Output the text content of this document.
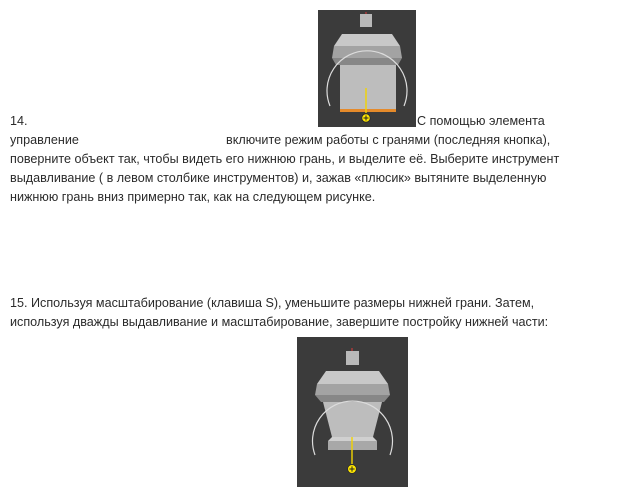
14.	С помощью элемента
управление	включите режим работы с гранями (последняя кнопка),
поверните объект так, чтобы видеть его нижнюю грань, и выделите её. Выберите инструмент
выдавливание ( в левом столбике инструментов) и, зажав «плюсик» вытяните выделенную
нижнюю грань вниз примерно так, как на следующем рисунке.
15. Используя масштабирование (клавиша S), уменьшите размеры нижней грани. Затем,
используя дважды выдавливание и масштабирование, завершите постройку нижней части:
